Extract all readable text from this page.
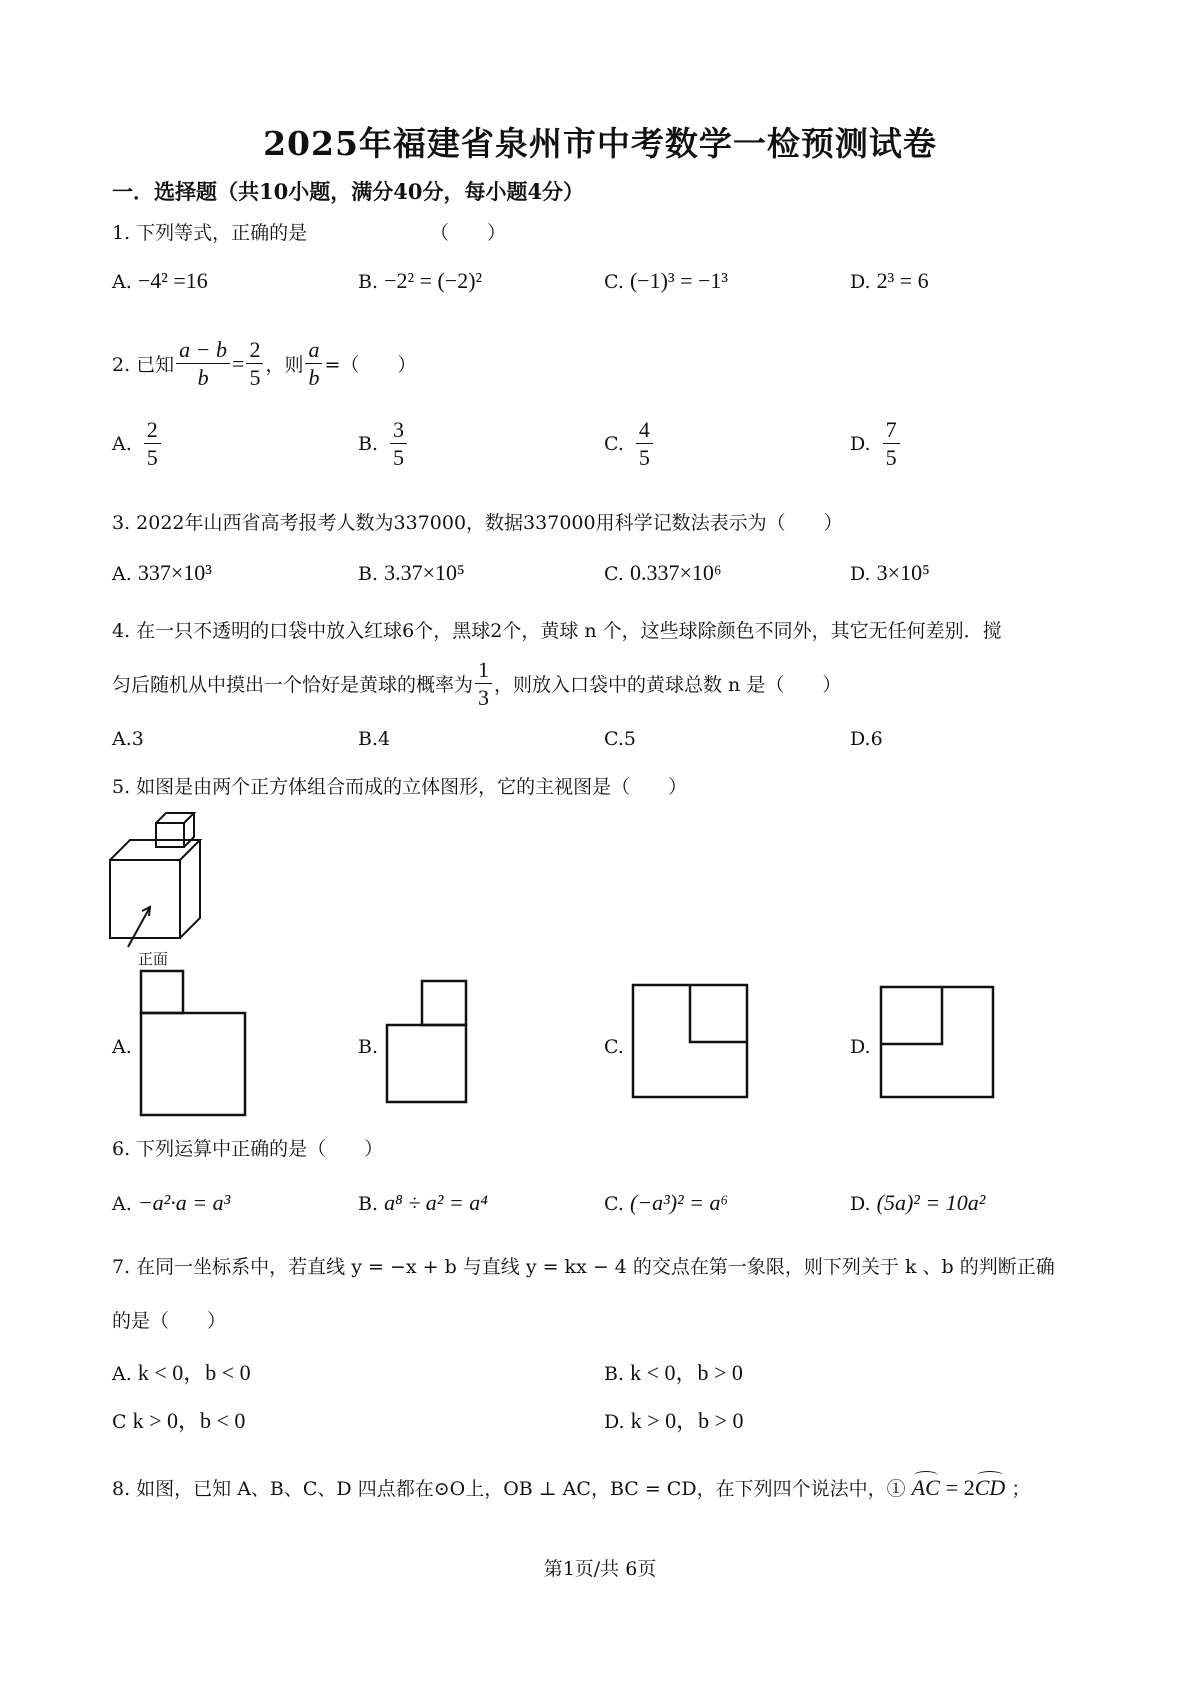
2025年福建省泉州市中考数学一检预测试卷
一．选择题（共10小题，满分40分，每小题4分）
1. 下列等式，正确的是	（　　）
A. −4² =16	B. −2² = (−2)²	C. (−1)³ = −1³	D. 2³ = 6
2. 已知 $\frac{a - b}{b} = \frac{2}{5}$ ，则 $\frac{a}{b}$ =（　　）
A. $\frac{2}{5}$	B. $\frac{3}{5}$	C. $\frac{4}{5}$	D. $\frac{7}{5}$
3. 2022年山西省高考报考人数为337000，数据337000用科学记数法表示为（　　）
A. 337×10³	B. 3.37×10⁵	C. 0.337×10⁶	D. 3×10⁵
4. 在一只不透明的口袋中放入红球6个，黑球2个，黄球 n 个，这些球除颜色不同外，其它无任何差别．搅
匀后随机从中摸出一个恰好是黄球的概率为 $\frac{1}{3}$ ，则放入口袋中的黄球总数 n 是（　　）
A.3	B.4	C.5	D.6
5. 如图是由两个正方体组合而成的立体图形，它的主视图是（　　）
正面
A.	B.	C.	D.
6. 下列运算中正确的是（　　）
A. −a²·a = a³	B. a⁸ ÷ a² = a⁴	C. (−a³)² = a⁶	D. (5a)² = 10a²
7. 在同一坐标系中，若直线 y = −x + b 与直线 y = kx − 4 的交点在第一象限，则下列关于 k 、b 的判断正确
的是（　　）
A. k < 0，b < 0	B. k < 0，b > 0
C k > 0，b < 0	D. k > 0，b > 0
8. 如图，已知 A、B、C、D 四点都在⊙O上，OB ⊥ AC，BC = CD，在下列四个说法中，① AC = 2CD ；
第1页/共 6页
